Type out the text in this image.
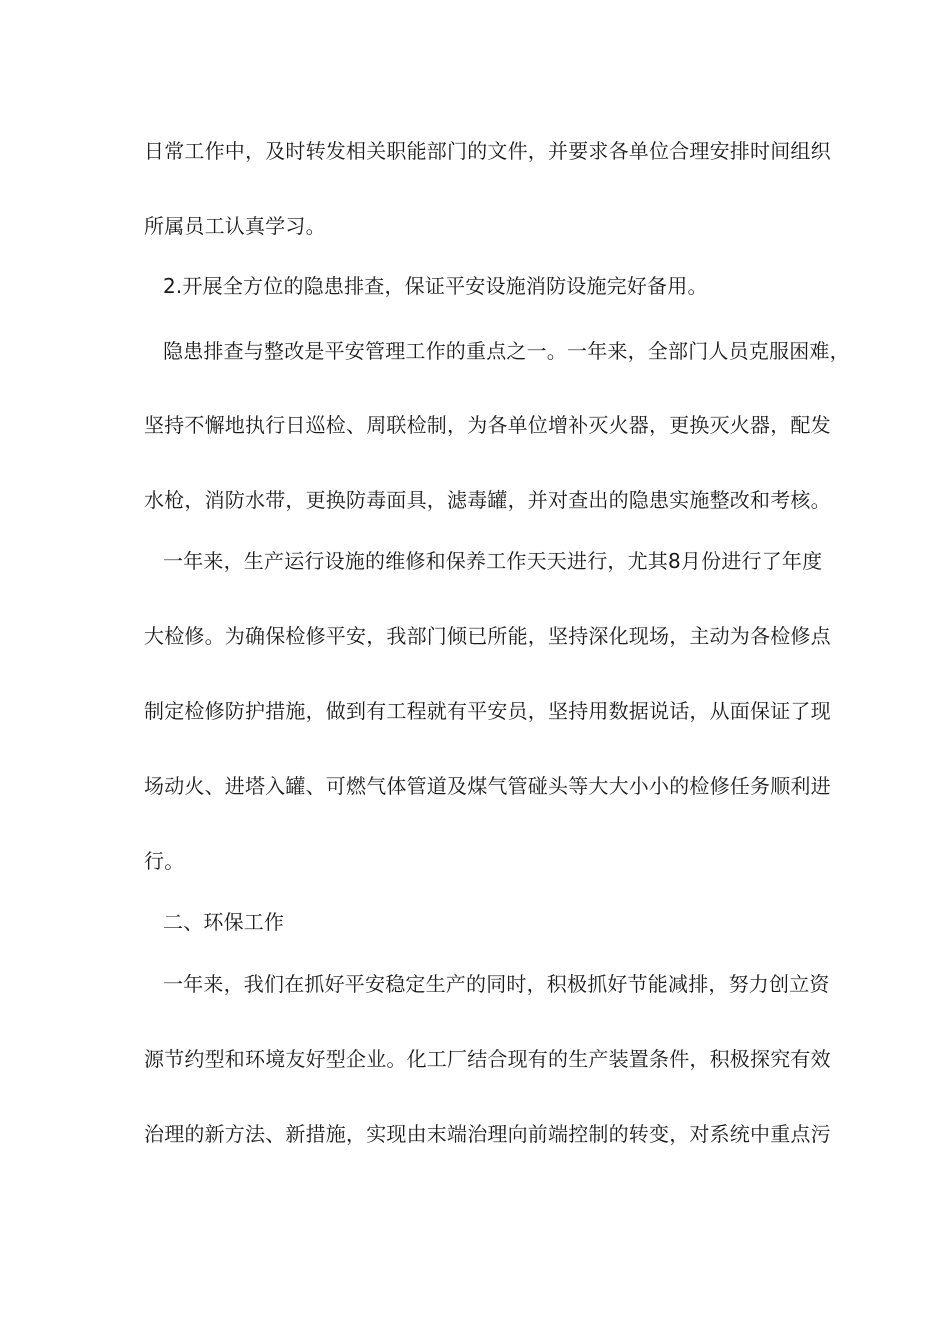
日常工作中，及时转发相关职能部门的文件，并要求各单位合理安排时间组织
所属员工认真学习。
2.开展全方位的隐患排查，保证平安设施消防设施完好备用。
隐患排查与整改是平安管理工作的重点之一。一年来，全部门人员克服困难，
坚持不懈地执行日巡检、周联检制，为各单位增补灭火器，更换灭火器，配发
水枪，消防水带，更换防毒面具，滤毒罐，并对查出的隐患实施整改和考核。
一年来，生产运行设施的维修和保养工作天天进行，尤其8月份进行了年度
大检修。为确保检修平安，我部门倾已所能，坚持深化现场，主动为各检修点
制定检修防护措施，做到有工程就有平安员，坚持用数据说话，从面保证了现
场动火、进塔入罐、可燃气体管道及煤气管碰头等大大小小的检修任务顺利进
行。
二、环保工作
一年来，我们在抓好平安稳定生产的同时，积极抓好节能减排，努力创立资
源节约型和环境友好型企业。化工厂结合现有的生产装置条件，积极探究有效
治理的新方法、新措施，实现由末端治理向前端控制的转变，对系统中重点污
